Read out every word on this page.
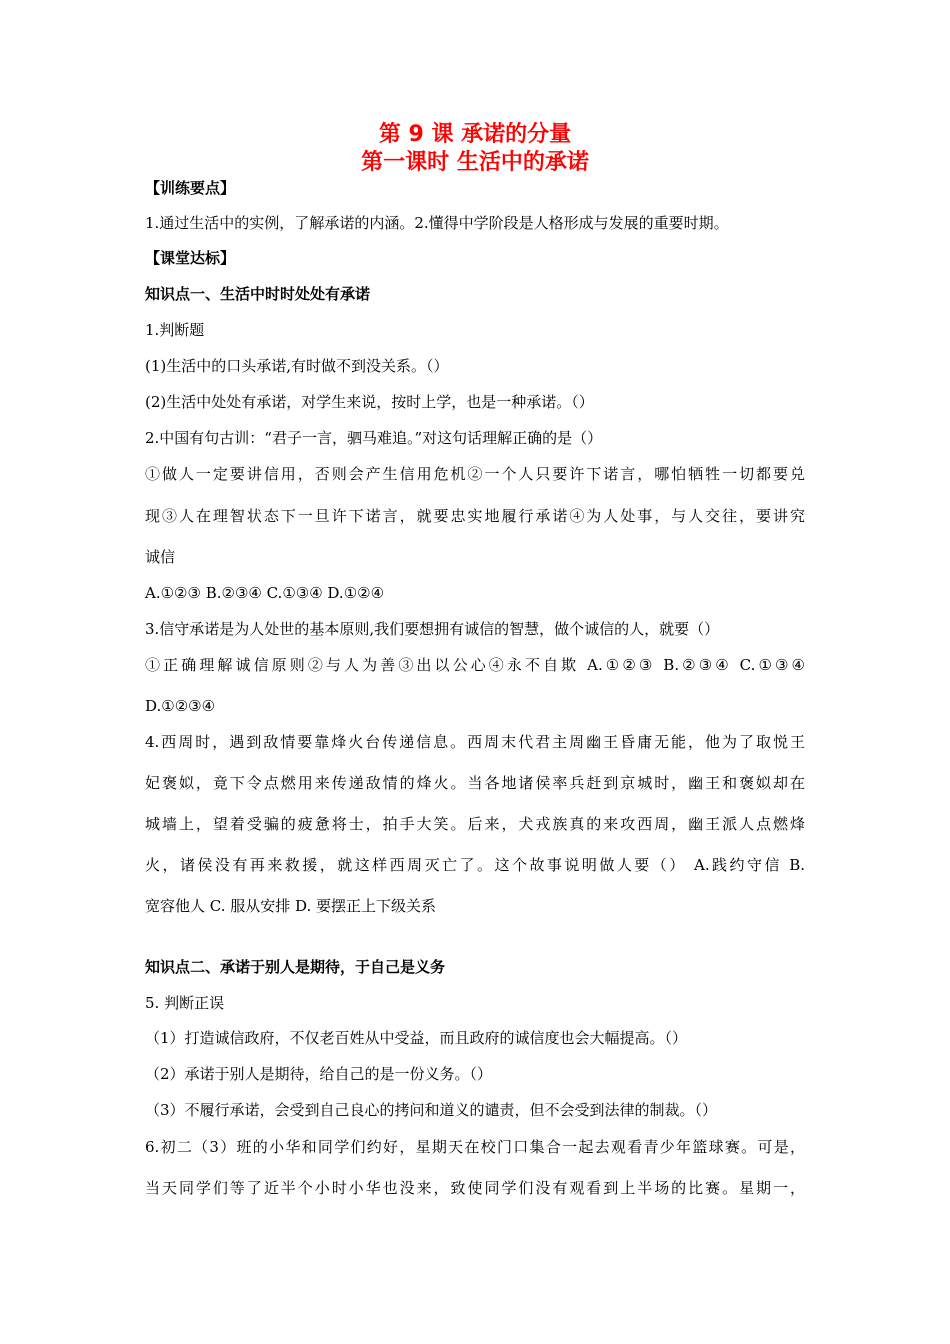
第 9 课 承诺的分量
第一课时 生活中的承诺
【训练要点】
1.通过生活中的实例，了解承诺的内涵。2.懂得中学阶段是人格形成与发展的重要时期。
【课堂达标】
知识点一、生活中时时处处有承诺
1.判断题
(1)生活中的口头承诺,有时做不到没关系。（）
(2)生活中处处有承诺，对学生来说，按时上学，也是一种承诺。（）
2.中国有句古训：“君子一言，驷马难追。”对这句话理解正确的是（）
①做人一定要讲信用，否则会产生信用危机②一个人只要许下诺言，哪怕牺牲一切都要兑
现③人在理智状态下一旦许下诺言，就要忠实地履行承诺④为人处事，与人交往，要讲究
诚信
A.①②③ B.②③④ C.①③④ D.①②④
3.信守承诺是为人处世的基本原则,我们要想拥有诚信的智慧，做个诚信的人，就要（）
①正确理解诚信原则②与人为善③出以公心④永不自欺 A.①②③ B.②③④ C.①③④
D.①②③④
4.西周时，遇到敌情要靠烽火台传递信息。西周末代君主周幽王昏庸无能，他为了取悦王
妃褒姒，竟下令点燃用来传递敌情的烽火。当各地诸侯率兵赶到京城时，幽王和褒姒却在
城墙上，望着受骗的疲惫将士，拍手大笑。后来，犬戎族真的来攻西周，幽王派人点燃烽
火，诸侯没有再来救援，就这样西周灭亡了。这个故事说明做人要（） A.践约守信 B.
宽容他人 C. 服从安排 D. 要摆正上下级关系
知识点二、承诺于别人是期待，于自己是义务
5. 判断正误
（1）打造诚信政府，不仅老百姓从中受益，而且政府的诚信度也会大幅提高。（）
（2）承诺于别人是期待，给自己的是一份义务。（）
（3）不履行承诺，会受到自己良心的拷问和道义的谴责，但不会受到法律的制裁。（）
6.初二（3）班的小华和同学们约好，星期天在校门口集合一起去观看青少年篮球赛。可是，
当天同学们等了近半个小时小华也没来，致使同学们没有观看到上半场的比赛。星期一，
